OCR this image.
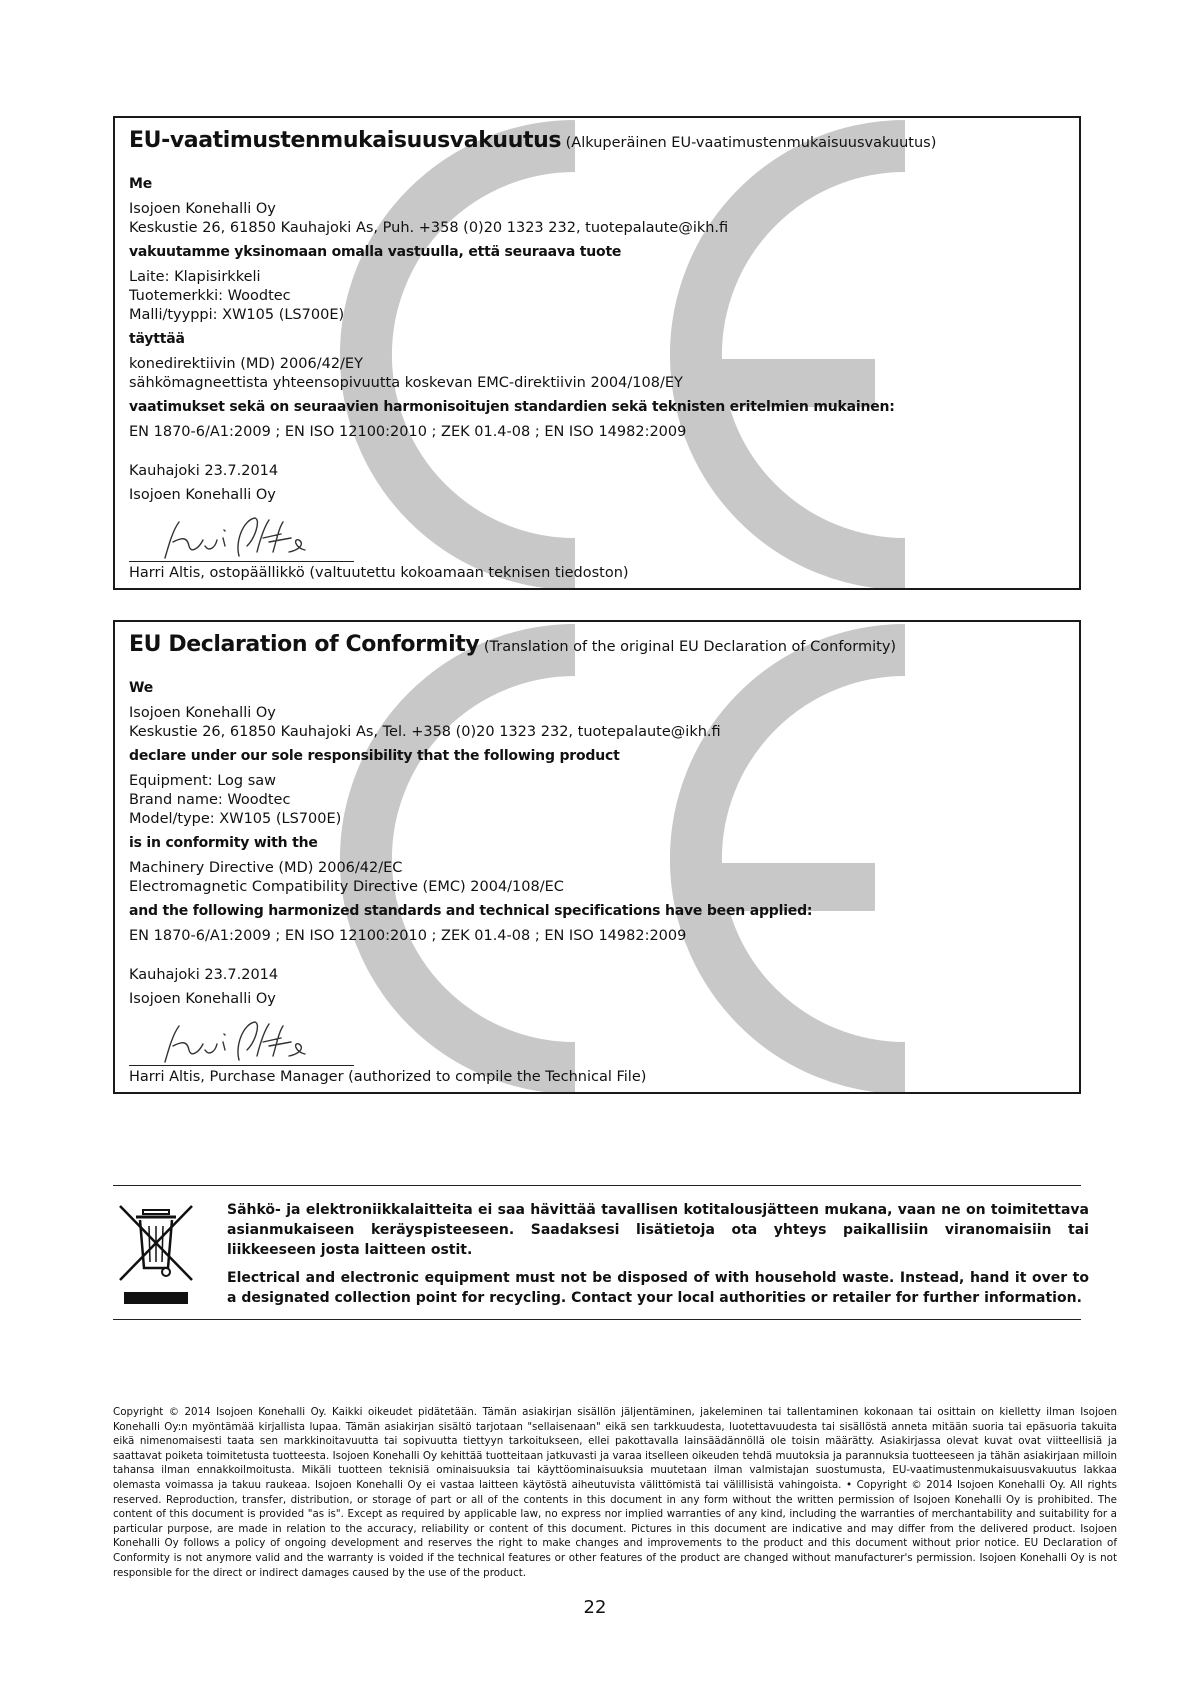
EU-vaatimustenmukaisuusvakuutus (Alkuperäinen EU-vaatimustenmukaisuusvakuutus)
Me
Isojoen Konehalli Oy
Keskustie 26, 61850 Kauhajoki As, Puh. +358 (0)20 1323 232, tuotepalaute@ikh.fi
vakuutamme yksinomaan omalla vastuulla, että seuraava tuote
Laite: Klapisirkkeli
Tuotemerkki: Woodtec
Malli/tyyppi: XW105 (LS700E)
täyttää
konedirektiivin (MD) 2006/42/EY
sähkömagneettista yhteensopivuutta koskevan EMC-direktiivin 2004/108/EY
vaatimukset sekä on seuraavien harmonisoitujen standardien sekä teknisten eritelmien mukainen:
EN 1870-6/A1:2009 ; EN ISO 12100:2010 ; ZEK 01.4-08 ; EN ISO 14982:2009
Kauhajoki 23.7.2014
Isojoen Konehalli Oy
Harri Altis, ostopäällikkö (valtuutettu kokoamaan teknisen tiedoston)
EU Declaration of Conformity (Translation of the original EU Declaration of Conformity)
We
Isojoen Konehalli Oy
Keskustie 26, 61850 Kauhajoki As, Tel. +358 (0)20 1323 232, tuotepalaute@ikh.fi
declare under our sole responsibility that the following product
Equipment: Log saw
Brand name: Woodtec
Model/type: XW105 (LS700E)
is in conformity with the
Machinery Directive (MD) 2006/42/EC
Electromagnetic Compatibility Directive (EMC) 2004/108/EC
and the following harmonized standards and technical specifications have been applied:
EN 1870-6/A1:2009 ; EN ISO 12100:2010 ; ZEK 01.4-08 ; EN ISO 14982:2009
Kauhajoki 23.7.2014
Isojoen Konehalli Oy
Harri Altis, Purchase Manager (authorized to compile the Technical File)
Sähkö- ja elektroniikkalaitteita ei saa hävittää tavallisen kotitalousjätteen mukana, vaan ne on toimitettava asianmukaiseen keräyspisteeseen. Saadaksesi lisätietoja ota yhteys paikallisiin viranomaisiin tai liikkeeseen josta laitteen ostit.
Electrical and electronic equipment must not be disposed of with household waste. Instead, hand it over to a designated collection point for recycling. Contact your local authorities or retailer for further information.
Copyright © 2014 Isojoen Konehalli Oy. Kaikki oikeudet pidätetään. Tämän asiakirjan sisällön jäljentäminen, jakeleminen tai tallentaminen kokonaan tai osittain on kielletty ilman Isojoen Konehalli Oy:n myöntämää kirjallista lupaa. Tämän asiakirjan sisältö tarjotaan "sellaisenaan" eikä sen tarkkuudesta, luotettavuudesta tai sisällöstä anneta mitään suoria tai epäsuoria takuita eikä nimenomaisesti taata sen markkinoitavuutta tai sopivuutta tiettyyn tarkoitukseen, ellei pakottavalla lainsäädännöllä ole toisin määrätty. Asiakirjassa olevat kuvat ovat viitteellisiä ja saattavat poiketa toimitetusta tuotteesta. Isojoen Konehalli Oy kehittää tuotteitaan jatkuvasti ja varaa itselleen oikeuden tehdä muutoksia ja parannuksia tuotteeseen ja tähän asiakirjaan milloin tahansa ilman ennakkoilmoitusta. Mikäli tuotteen teknisiä ominaisuuksia tai käyttöominaisuuksia muutetaan ilman valmistajan suostumusta, EU-vaatimustenmukaisuusvakuutus lakkaa olemasta voimassa ja takuu raukeaa. Isojoen Konehalli Oy ei vastaa laitteen käytöstä aiheutuvista välittömistä tai välillisistä vahingoista. • Copyright © 2014 Isojoen Konehalli Oy. All rights reserved. Reproduction, transfer, distribution, or storage of part or all of the contents in this document in any form without the written permission of Isojoen Konehalli Oy is prohibited. The content of this document is provided "as is". Except as required by applicable law, no express nor implied warranties of any kind, including the warranties of merchantability and suitability for a particular purpose, are made in relation to the accuracy, reliability or content of this document. Pictures in this document are indicative and may differ from the delivered product. Isojoen Konehalli Oy follows a policy of ongoing development and reserves the right to make changes and improvements to the product and this document without prior notice. EU Declaration of Conformity is not anymore valid and the warranty is voided if the technical features or other features of the product are changed without manufacturer's permission. Isojoen Konehalli Oy is not responsible for the direct or indirect damages caused by the use of the product.
22
